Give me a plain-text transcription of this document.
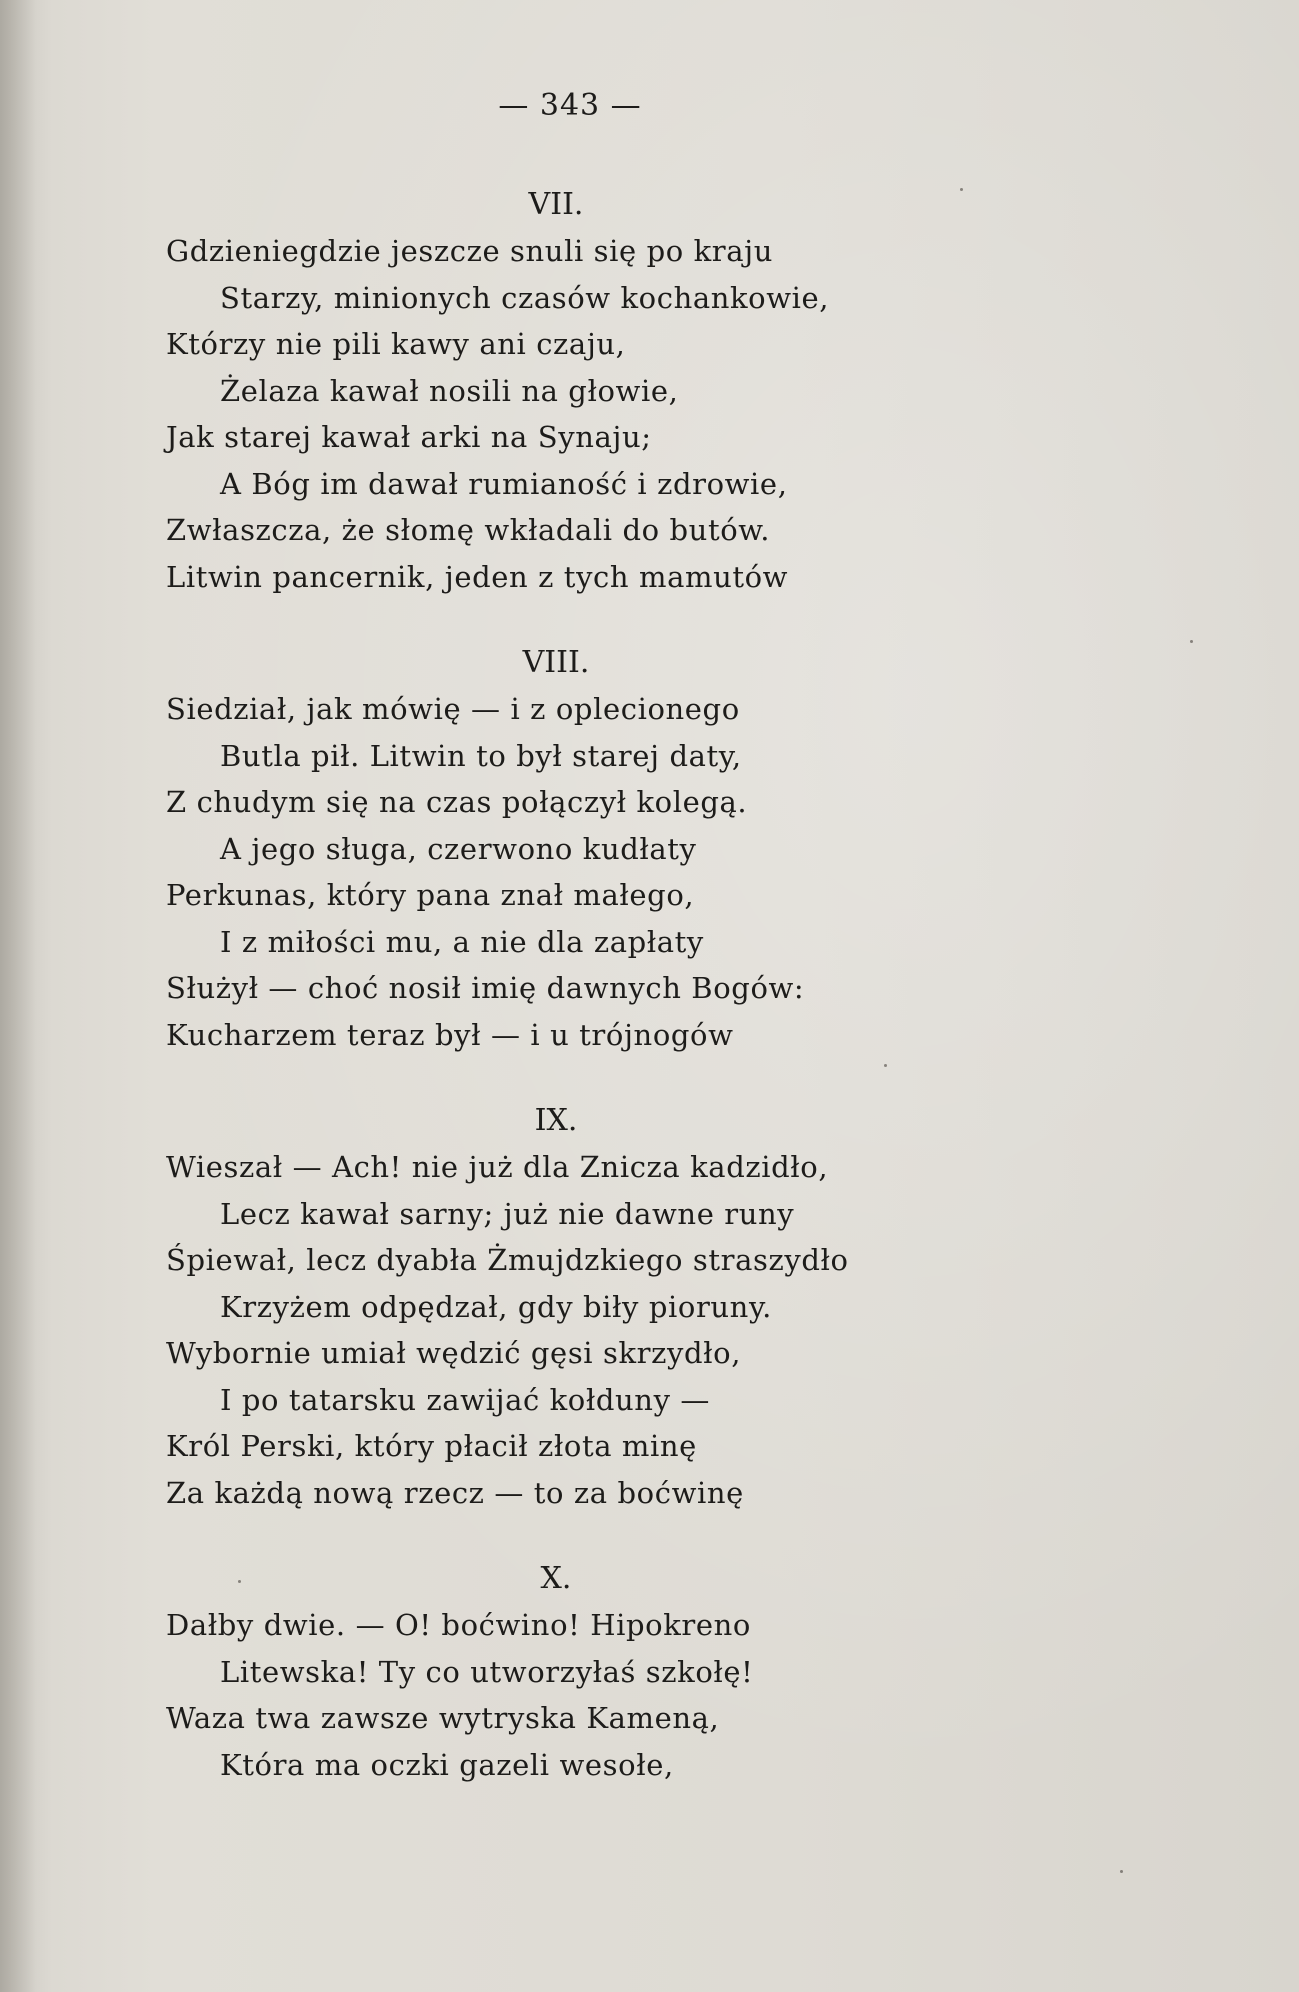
— 343 —
VII.
Gdzieniegdzie jeszcze snuli się po kraju
Starzy, minionych czasów kochankowie,
Którzy nie pili kawy ani czaju,
Żelaza kawał nosili na głowie,
Jak starej kawał arki na Synaju;
A Bóg im dawał rumianość i zdrowie,
Zwłaszcza, że słomę wkładali do butów.
Litwin pancernik, jeden z tych mamutów
VIII.
Siedział, jak mówię — i z oplecionego
Butla pił. Litwin to był starej daty,
Z chudym się na czas połączył kolegą.
A jego sługa, czerwono kudłaty
Perkunas, który pana znał małego,
I z miłości mu, a nie dla zapłaty
Służył — choć nosił imię dawnych Bogów:
Kucharzem teraz był — i u trójnogów
IX.
Wieszał — Ach! nie już dla Znicza kadzidło,
Lecz kawał sarny; już nie dawne runy
Śpiewał, lecz dyabła Żmujdzkiego straszydło
Krzyżem odpędzał, gdy biły pioruny.
Wybornie umiał wędzić gęsi skrzydło,
I po tatarsku zawijać kołduny —
Król Perski, który płacił złota minę
Za każdą nową rzecz — to za boćwinę
X.
Dałby dwie. — O! boćwino! Hipokreno
Litewska! Ty co utworzyłaś szkołę!
Waza twa zawsze wytryska Kameną,
Która ma oczki gazeli wesołe,
